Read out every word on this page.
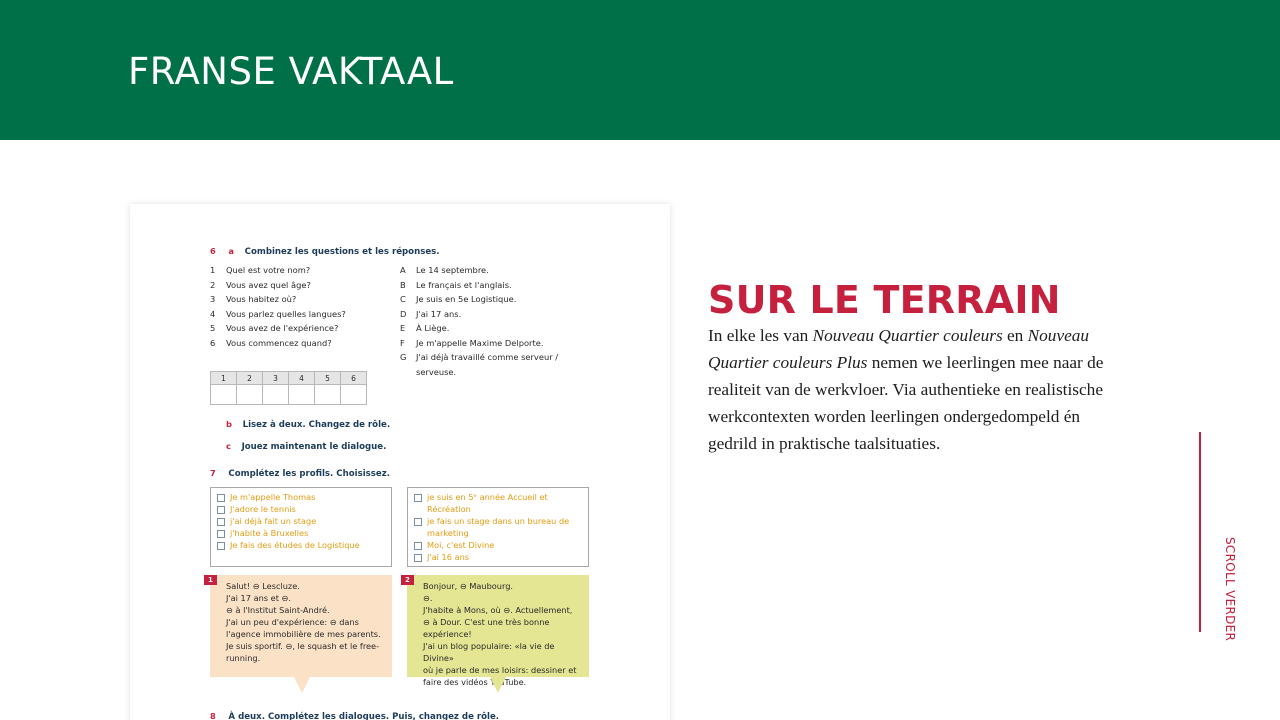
FRANSE VAKTAAL
6 a Combinez les questions et les réponses.
1 Quel est votre nom?
2 Vous avez quel âge?
3 Vous habitez où?
4 Vous parlez quelles langues?
5 Vous avez de l'expérience?
6 Vous commencez quand?
A Le 14 septembre.
B Le français et l'anglais.
C Je suis en 5e Logistique.
D J'ai 17 ans.
E À Liège.
F Je m'appelle Maxime Delporte.
G J'ai déjà travaillé comme serveur /
serveuse.
1	2	3	4	5	6

b Lisez à deux. Changez de rôle.
c Jouez maintenant le dialogue.
7 Complétez les profils. Choisissez.
Je m'appelle Thomas
J'adore le tennis
j'ai déjà fait un stage
j'habite à Bruxelles
Je fais des études de Logistique
je suis en 5ᵉ année Accueil et Récréation
je fais un stage dans un bureau de marketing
Moi, c'est Divine
J'ai 16 ans
1
Salut! ⊖ Lescluze.
J'ai 17 ans et ⊖.
⊖ à l'Institut Saint-André.
J'ai un peu d'expérience: ⊖ dans
l'agence immobilière de mes parents.
Je suis sportif. ⊖, le squash et le free-
running.
2
Bonjour, ⊖ Maubourg.
⊖.
J'habite à Mons, où ⊖. Actuellement,
⊖ à Dour. C'est une très bonne
expérience!
J'ai un blog populaire: «la vie de Divine»
où je parle de mes loisirs: dessiner et
faire des vidéos YouTube.
8 À deux. Complétez les dialogues. Puis, changez de rôle.
SUR LE TERRAIN

In elke les van Nouveau Quartier couleurs en Nouveau Quartier couleurs Plus nemen we leerlingen mee naar de realiteit van de werkvloer. Via authentieke en realistische werkcontexten worden leerlingen ondergedompeld én gedrild in praktische taalsituaties.

SCROLL VERDER
